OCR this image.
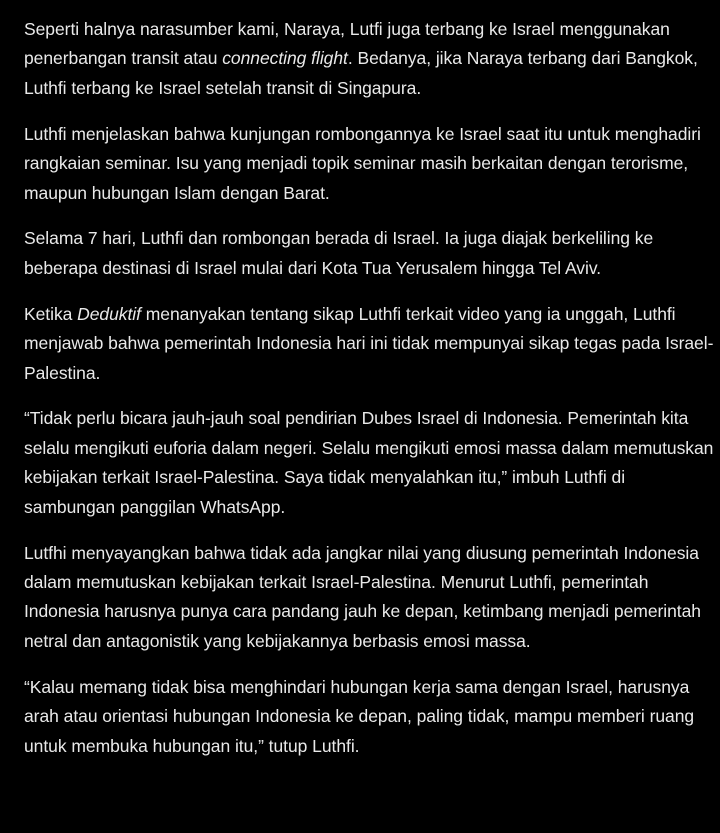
Seperti halnya narasumber kami, Naraya, Lutfi juga terbang ke Israel menggunakan penerbangan transit atau connecting flight. Bedanya, jika Naraya terbang dari Bangkok, Luthfi terbang ke Israel setelah transit di Singapura.

Luthfi menjelaskan bahwa kunjungan rombongannya ke Israel saat itu untuk menghadiri rangkaian seminar. Isu yang menjadi topik seminar masih berkaitan dengan terorisme, maupun hubungan Islam dengan Barat.

Selama 7 hari, Luthfi dan rombongan berada di Israel. Ia juga diajak berkeliling ke beberapa destinasi di Israel mulai dari Kota Tua Yerusalem hingga Tel Aviv.

Ketika Deduktif menanyakan tentang sikap Luthfi terkait video yang ia unggah, Luthfi menjawab bahwa pemerintah Indonesia hari ini tidak mempunyai sikap tegas pada Israel-Palestina.

“Tidak perlu bicara jauh-jauh soal pendirian Dubes Israel di Indonesia. Pemerintah kita selalu mengikuti euforia dalam negeri. Selalu mengikuti emosi massa dalam memutuskan kebijakan terkait Israel-Palestina. Saya tidak menyalahkan itu,” imbuh Luthfi di sambungan panggilan WhatsApp.

Lutfhi menyayangkan bahwa tidak ada jangkar nilai yang diusung pemerintah Indonesia dalam memutuskan kebijakan terkait Israel-Palestina. Menurut Luthfi, pemerintah Indonesia harusnya punya cara pandang jauh ke depan, ketimbang menjadi pemerintah netral dan antagonistik yang kebijakannya berbasis emosi massa.

“Kalau memang tidak bisa menghindari hubungan kerja sama dengan Israel, harusnya arah atau orientasi hubungan Indonesia ke depan, paling tidak, mampu memberi ruang untuk membuka hubungan itu,” tutup Luthfi.
